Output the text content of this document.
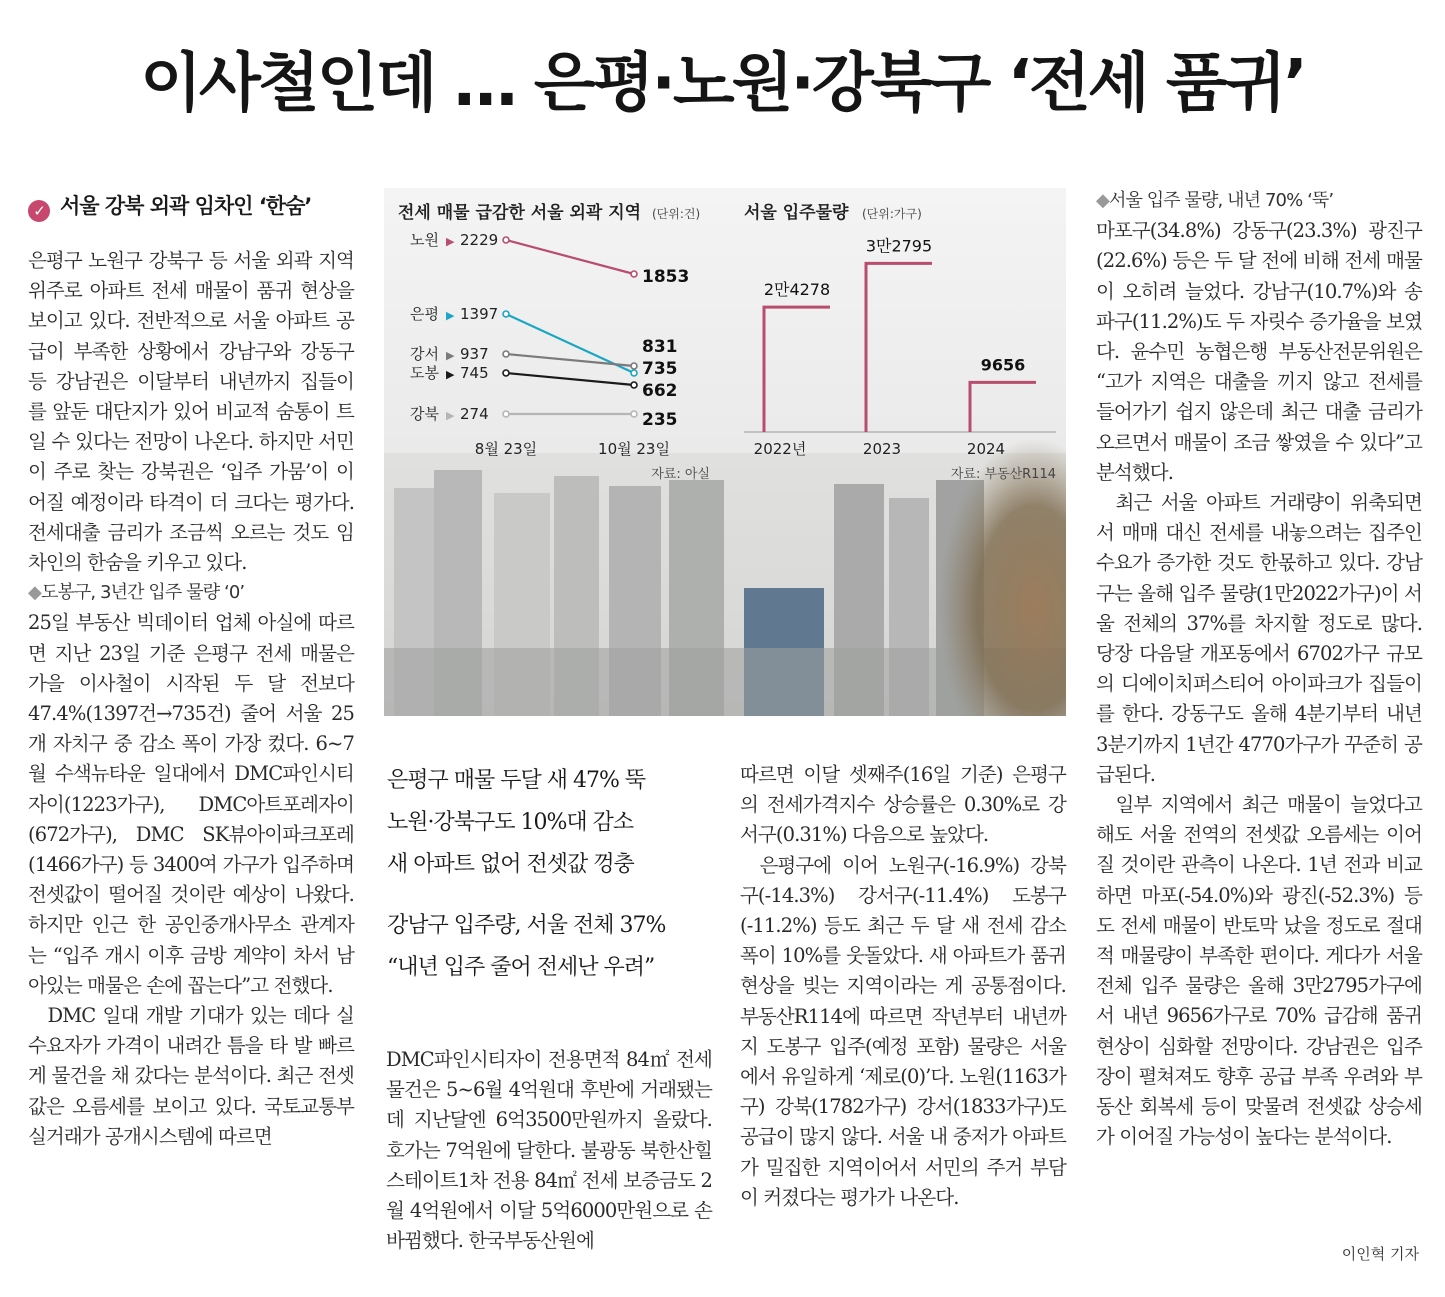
이사철인데 … 은평·노원·강북구 ‘전세 품귀’
✓ 서울 강북 외곽 임차인 ‘한숨’

은평구 노원구 강북구 등 서울 외곽 지역 위주로 아파트 전세 매물이 품귀 현상을 보이고 있다. 전반적으로 서울 아파트 공급이 부족한 상황에서 강남구와 강동구 등 강남권은 이달부터 내년까지 집들이를 앞둔 대단지가 있어 비교적 숨통이 트일 수 있다는 전망이 나온다. 하지만 서민이 주로 찾는 강북권은 ‘입주 가뭄’이 이어질 예정이라 타격이 더 크다는 평가다. 전세대출 금리가 조금씩 오르는 것도 임차인의 한숨을 키우고 있다.

◆도봉구, 3년간 입주 물량 ‘0’

25일 부동산 빅데이터 업체 아실에 따르면 지난 23일 기준 은평구 전세 매물은 가을 이사철이 시작된 두 달 전보다 47.4%(1397건→735건) 줄어 서울 25개 자치구 중 감소 폭이 가장 컸다. 6~7월 수색뉴타운 일대에서 DMC파인시티자이(1223가구), DMC아트포레자이(672가구), DMC SK뷰아이파크포레(1466가구) 등 3400여 가구가 입주하며 전셋값이 떨어질 것이란 예상이 나왔다. 하지만 인근 한 공인중개사무소 관계자는 “입주 개시 이후 금방 계약이 차서 남아있는 매물은 손에 꼽는다”고 전했다.

DMC 일대 개발 기대가 있는 데다 실수요자가 가격이 내려간 틈을 타 발 빠르게 물건을 채 갔다는 분석이다. 최근 전셋값은 오름세를 보이고 있다. 국토교통부 실거래가 공개시스템에 따르면

전세 매물 급감한 서울 외곽 지역 (단위:건)
노원 ▶ 2229
1853
은평 ▶ 1397
735
강서 ▶ 937	831
도봉 ▶ 745
662
강북 ▶ 274	235
8월 23일	10월 23일
자료: 아실
서울 입주물량 (단위:가구)
2만4278
2022년
3만2795
2023
9656
2024
자료: 부동산R114
은평구 매물 두달 새 47% 뚝
노원·강북구도 10%대 감소
새 아파트 없어 전셋값 껑충
강남구 입주량, 서울 전체 37%
“내년 입주 줄어 전세난 우려”

DMC파인시티자이 전용면적 84㎡ 전세 물건은 5~6월 4억원대 후반에 거래됐는데 지난달엔 6억3500만원까지 올랐다. 호가는 7억원에 달한다. 불광동 북한산힐스테이트1차 전용 84㎡ 전세 보증금도 2월 4억원에서 이달 5억6000만원으로 손바뀜했다. 한국부동산원에

따르면 이달 셋째주(16일 기준) 은평구의 전세가격지수 상승률은 0.30%로 강서구(0.31%) 다음으로 높았다.

은평구에 이어 노원구(-16.9%) 강북구(-14.3%) 강서구(-11.4%) 도봉구(-11.2%) 등도 최근 두 달 새 전세 감소폭이 10%를 웃돌았다. 새 아파트가 품귀 현상을 빚는 지역이라는 게 공통점이다. 부동산R114에 따르면 작년부터 내년까지 도봉구 입주(예정 포함) 물량은 서울에서 유일하게 ‘제로(0)’다. 노원(1163가구) 강북(1782가구) 강서(1833가구)도 공급이 많지 않다. 서울 내 중저가 아파트가 밀집한 지역이어서 서민의 주거 부담이 커졌다는 평가가 나온다.

◆서울 입주 물량, 내년 70% ‘뚝’

마포구(34.8%) 강동구(23.3%) 광진구(22.6%) 등은 두 달 전에 비해 전세 매물이 오히려 늘었다. 강남구(10.7%)와 송파구(11.2%)도 두 자릿수 증가율을 보였다. 윤수민 농협은행 부동산전문위원은 “고가 지역은 대출을 끼지 않고 전세를 들어가기 쉽지 않은데 최근 대출 금리가 오르면서 매물이 조금 쌓였을 수 있다”고 분석했다.

최근 서울 아파트 거래량이 위축되면서 매매 대신 전세를 내놓으려는 집주인 수요가 증가한 것도 한몫하고 있다. 강남구는 올해 입주 물량(1만2022가구)이 서울 전체의 37%를 차지할 정도로 많다. 당장 다음달 개포동에서 6702가구 규모의 디에이치퍼스티어 아이파크가 집들이를 한다. 강동구도 올해 4분기부터 내년 3분기까지 1년간 4770가구가 꾸준히 공급된다.

일부 지역에서 최근 매물이 늘었다고 해도 서울 전역의 전셋값 오름세는 이어질 것이란 관측이 나온다. 1년 전과 비교하면 마포(-54.0%)와 광진(-52.3%) 등도 전세 매물이 반토막 났을 정도로 절대적 매물량이 부족한 편이다. 게다가 서울 전체 입주 물량은 올해 3만2795가구에서 내년 9656가구로 70% 급감해 품귀 현상이 심화할 전망이다. 강남권은 입주장이 펼쳐져도 향후 공급 부족 우려와 부동산 회복세 등이 맞물려 전셋값 상승세가 이어질 가능성이 높다는 분석이다.

이인혁 기자
